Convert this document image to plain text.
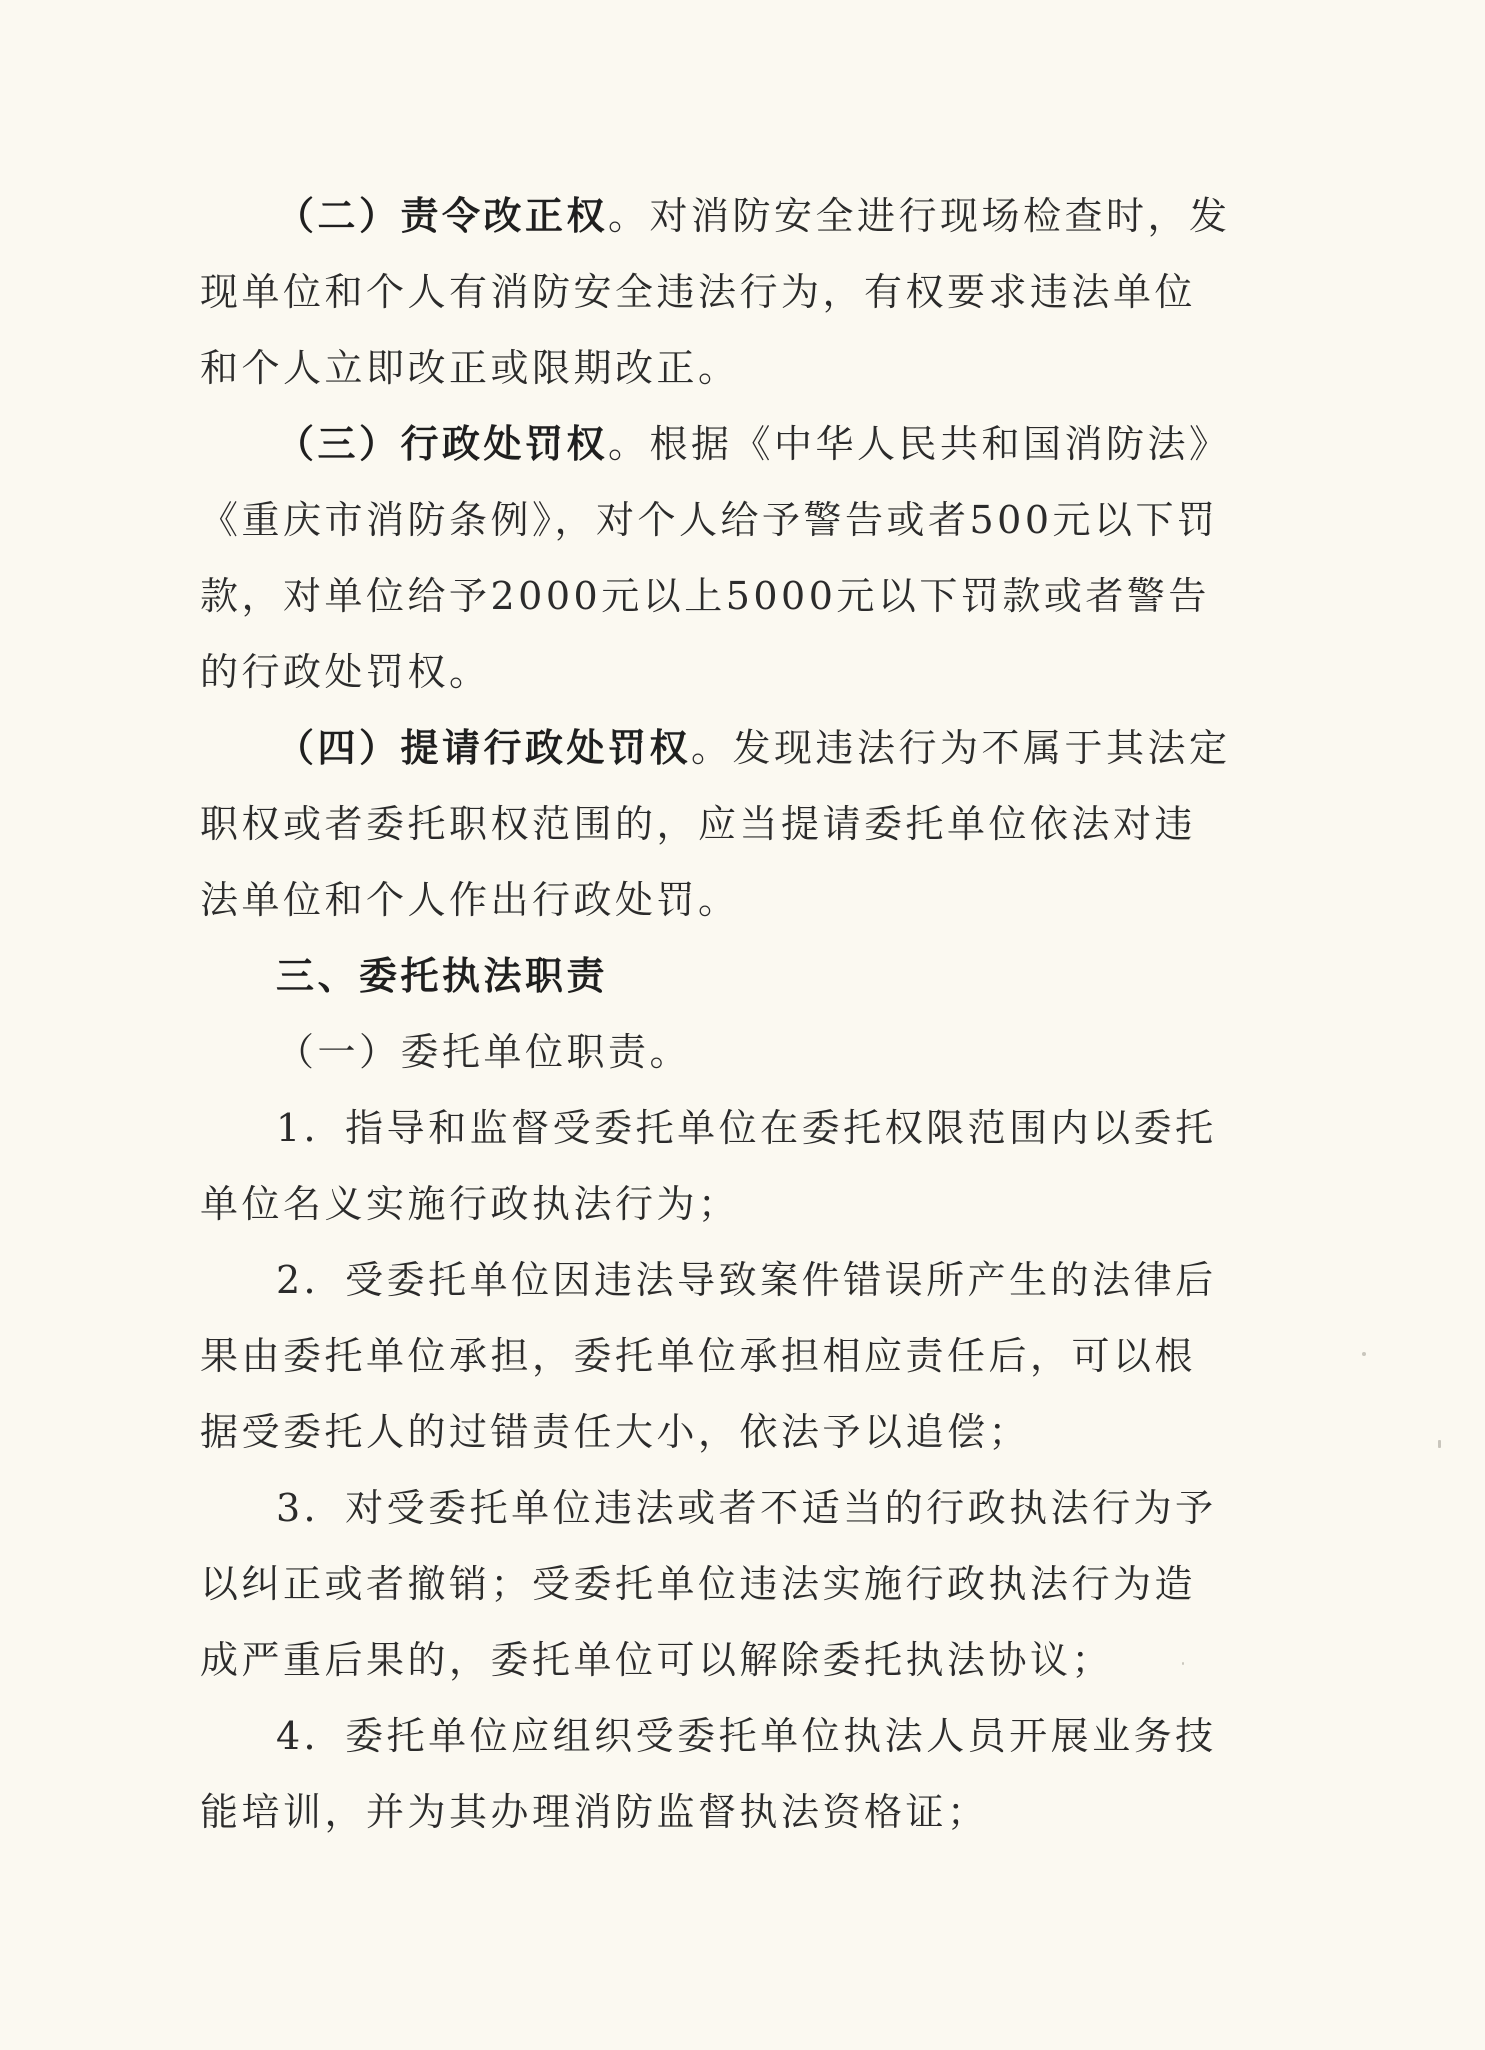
（二）责令改正权。对消防安全进行现场检查时，发现单位和个人有消防安全违法行为，有权要求违法单位和个人立即改正或限期改正。

（三）行政处罚权。根据《中华人民共和国消防法》《重庆市消防条例》，对个人给予警告或者500元以下罚款，对单位给予2000元以上5000元以下罚款或者警告的行政处罚权。

（四）提请行政处罚权。发现违法行为不属于其法定职权或者委托职权范围的，应当提请委托单位依法对违法单位和个人作出行政处罚。

三、委托执法职责

（一）委托单位职责。

1．指导和监督受委托单位在委托权限范围内以委托单位名义实施行政执法行为；

2．受委托单位因违法导致案件错误所产生的法律后果由委托单位承担，委托单位承担相应责任后，可以根据受委托人的过错责任大小，依法予以追偿；

3．对受委托单位违法或者不适当的行政执法行为予以纠正或者撤销；受委托单位违法实施行政执法行为造成严重后果的，委托单位可以解除委托执法协议；

4．委托单位应组织受委托单位执法人员开展业务技能培训，并为其办理消防监督执法资格证；
